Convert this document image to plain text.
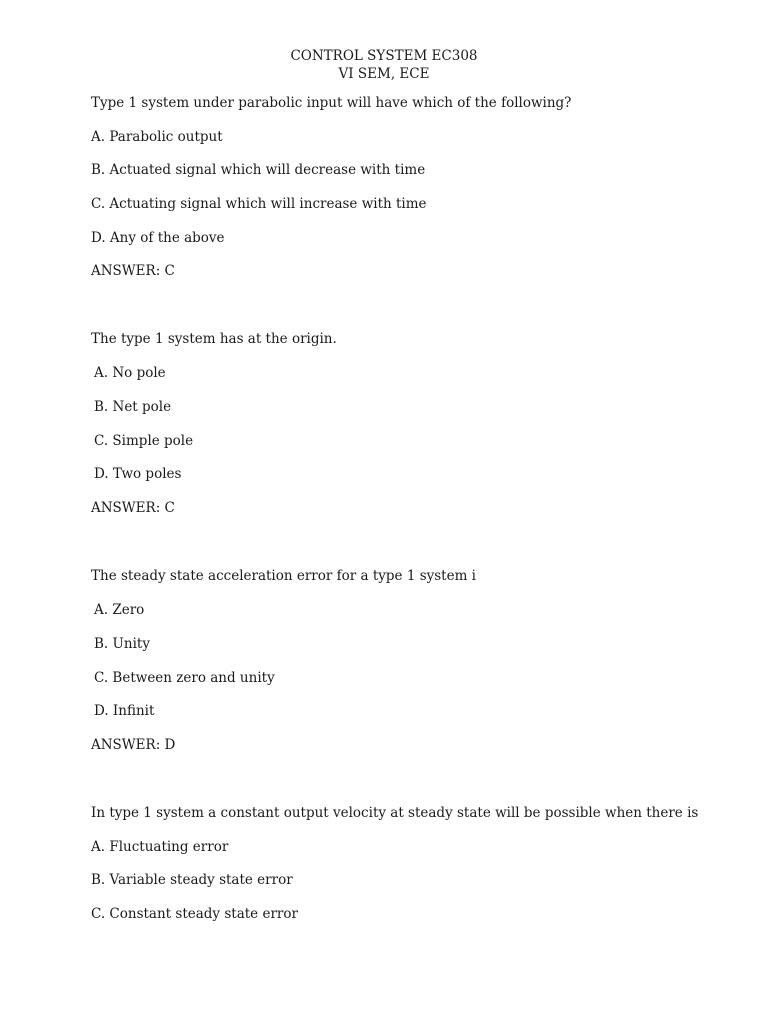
CONTROL SYSTEM EC308
VI SEM, ECE
Type 1 system under parabolic input will have which of the following?
A. Parabolic output
B. Actuated signal which will decrease with time
C. Actuating signal which will increase with time
D. Any of the above
ANSWER: C
The type 1 system has at the origin.
A. No pole
B. Net pole
C. Simple pole
D. Two poles
ANSWER: C
The steady state acceleration error for a type 1 system i
A. Zero
B. Unity
C. Between zero and unity
D. Infinit
ANSWER: D
In type 1 system a constant output velocity at steady state will be possible when there is
A. Fluctuating error
B. Variable steady state error
C. Constant steady state error
